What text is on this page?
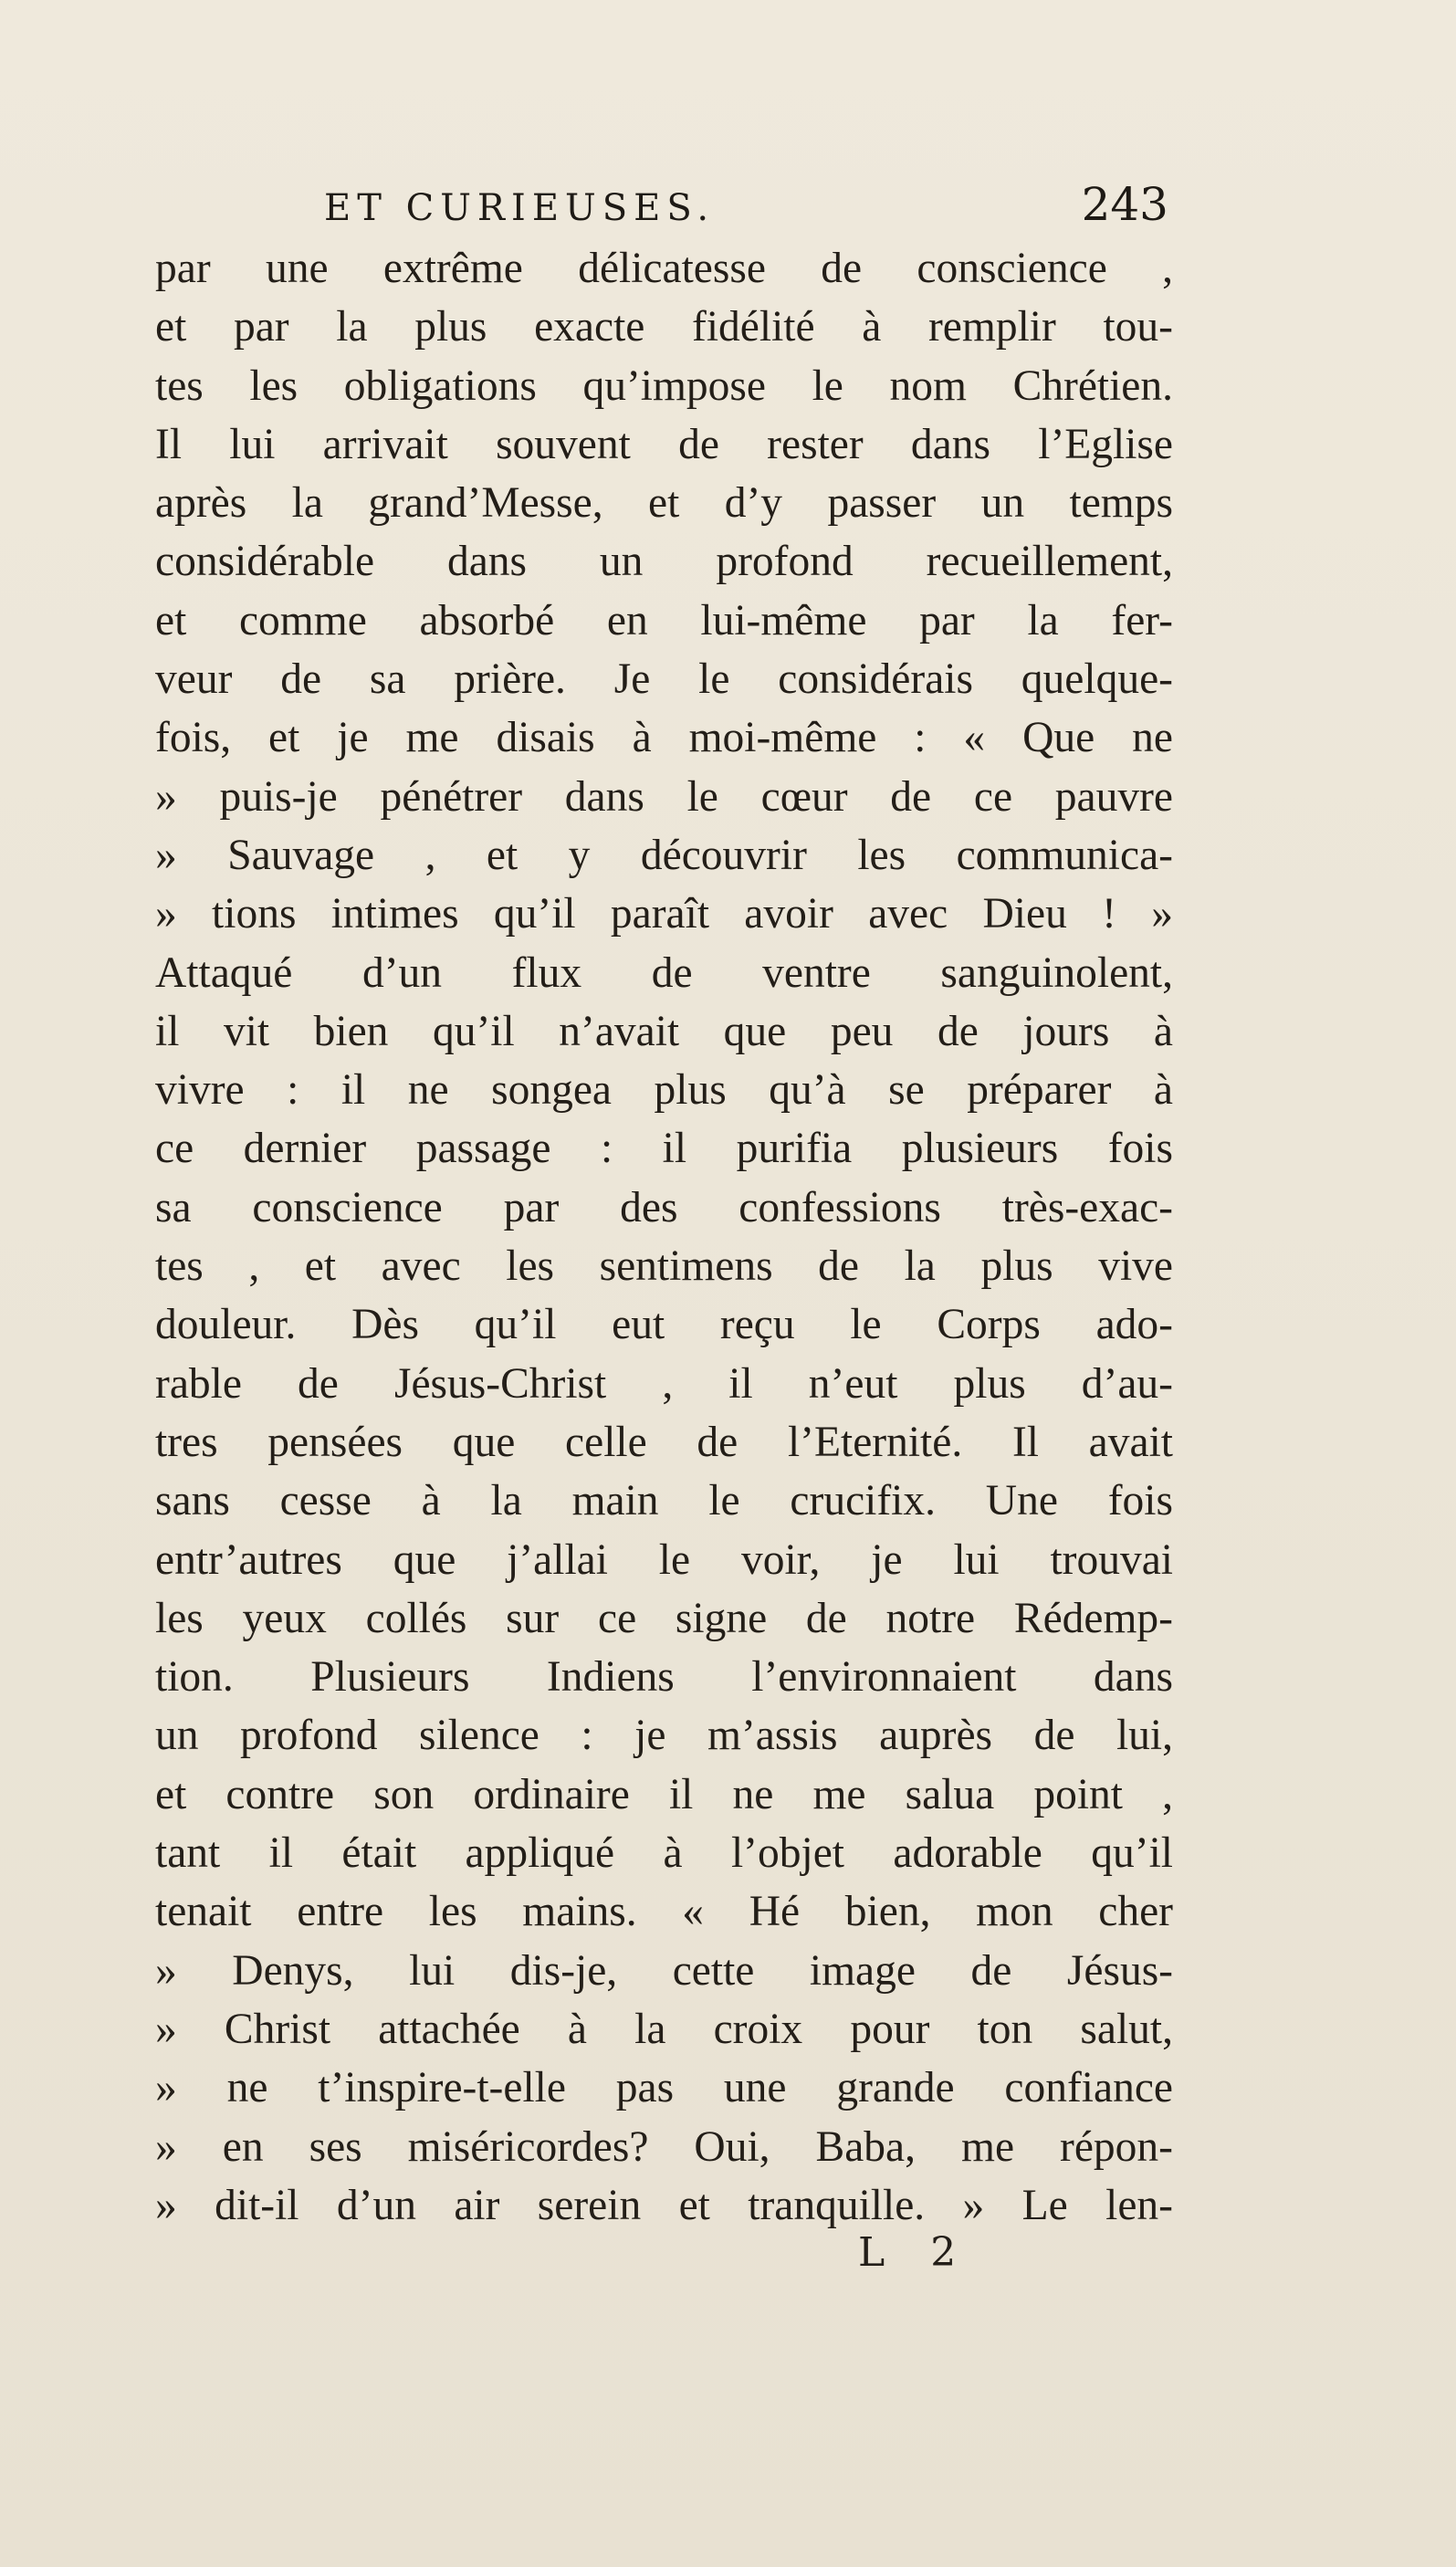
ET CURIEUSES.	243
par une extrême délicatesse de conscience ,
et par la plus exacte fidélité à remplir tou-
tes les obligations qu’impose le nom Chrétien.
Il lui arrivait souvent de rester dans l’Eglise
après la grand’Messe, et d’y passer un temps
considérable dans un profond recueillement,
et comme absorbé en lui-même par la fer-
veur de sa prière. Je le considérais quelque-
fois, et je me disais à moi-même : « Que ne
» puis-je pénétrer dans le cœur de ce pauvre
» Sauvage , et y découvrir les communica-
» tions intimes qu’il paraît avoir avec Dieu ! »
Attaqué d’un flux de ventre sanguinolent,
il vit bien qu’il n’avait que peu de jours à
vivre : il ne songea plus qu’à se préparer à
ce dernier passage : il purifia plusieurs fois
sa conscience par des confessions très-exac-
tes , et avec les sentimens de la plus vive
douleur. Dès qu’il eut reçu le Corps ado-
rable de Jésus-Christ , il n’eut plus d’au-
tres pensées que celle de l’Eternité. Il avait
sans cesse à la main le crucifix. Une fois
entr’autres que j’allai le voir, je lui trouvai
les yeux collés sur ce signe de notre Rédemp-
tion. Plusieurs Indiens l’environnaient dans
un profond silence : je m’assis auprès de lui,
et contre son ordinaire il ne me salua point ,
tant il était appliqué à l’objet adorable qu’il
tenait entre les mains. « Hé bien, mon cher
» Denys, lui dis-je, cette image de Jésus-
» Christ attachée à la croix pour ton salut,
» ne t’inspire-t-elle pas une grande confiance
» en ses miséricordes? Oui, Baba, me répon-
» dit-il d’un air serein et tranquille. » Le len-
L 2
